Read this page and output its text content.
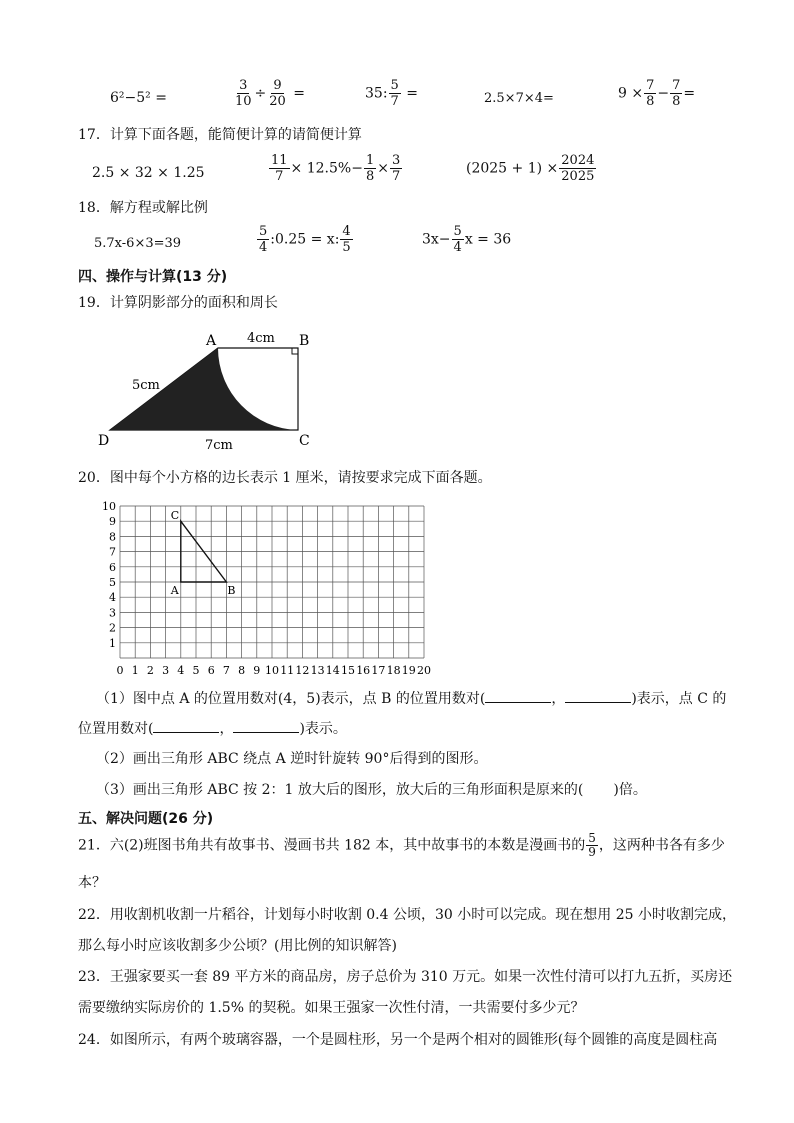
6²−5² =	$\frac{3}{10} \div \frac{9}{20}$ =	35: $\frac{5}{7}$ =	2.5×7×4=	$9 \times \frac{7}{8} - \frac{7}{8}$ =
17．计算下面各题，能简便计算的请简便计算
2.5 × 32 × 1.25	$\frac{11}{7} \times 12.5\%- \frac{1}{8} \times \frac{3}{7}$	$(2025 + 1) \times \frac{2024}{2025}$
18．解方程或解比例
5.7x-6×3=39	$\frac{5}{4}$ :0.25 = x: $\frac{4}{5}$	$3x- \frac{5}{4}$ x = 36
四、操作与计算(13 分)
19．计算阴影部分的面积和周长
A	B
C
D
4cm
5cm
7cm
20．图中每个小方格的边长表示 1 厘米，请按要求完成下面各题。
0 1 2 3 4 5 6 7 8 9 10 11 12 13 14 15 16 17 18 19 20
1
2
3
4
5
6
7
8
9
10
A	B
C
（1）图中点 A 的位置用数对(4，5)表示，点 B 的位置用数对(	，	)表示，点 C 的
位置用数对(	，	)表示。
（2）画出三角形 ABC 绕点 A 逆时针旋转 90°后得到的图形。
（3）画出三角形 ABC 按 2：1 放大后的图形，放大后的三角形面积是原来的( )倍。
五、解决问题(26 分)
21．六(2)班图书角共有故事书、漫画书共 182 本，其中故事书的本数是漫画书的 $\frac{5}{9}$ ，这两种书各有多少
本？
22．用收割机收割一片稻谷，计划每小时收割 0.4 公顷，30 小时可以完成。现在想用 25 小时收割完成，
那么每小时应该收割多少公顷？(用比例的知识解答)
23．王强家要买一套 89 平方米的商品房，房子总价为 310 万元。如果一次性付清可以打九五折，买房还
需要缴纳实际房价的 1.5% 的契税。如果王强家一次性付清，一共需要付多少元？
24．如图所示，有两个玻璃容器，一个是圆柱形，另一个是两个相对的圆锥形(每个圆锥的高度是圆柱高
